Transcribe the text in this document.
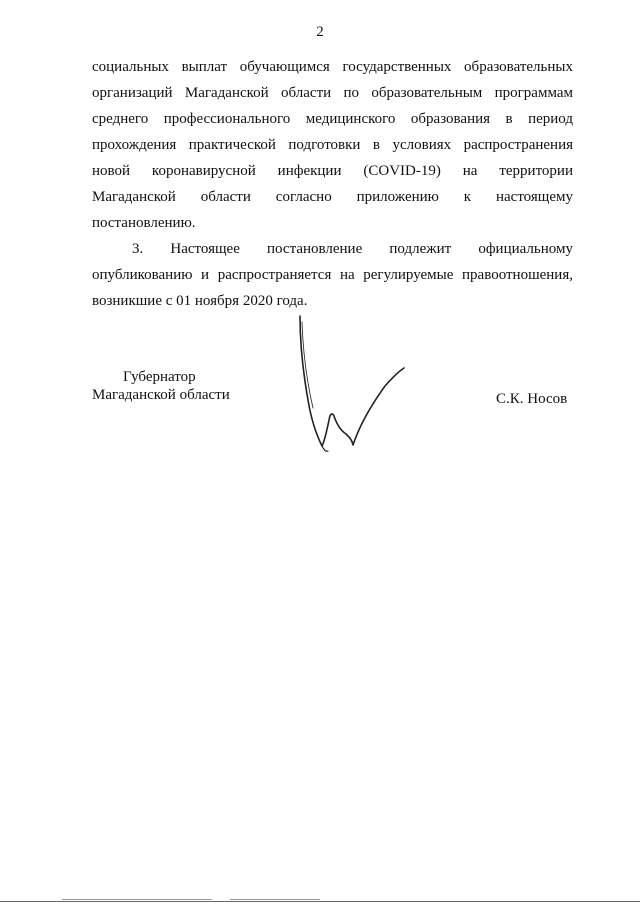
2
социальных выплат обучающимся государственных образовательных
организаций Магаданской области по образовательным программам
среднего профессионального медицинского образования в период
прохождения практической подготовки в условиях распространения
новой коронавирусной инфекции (COVID-19) на территории
Магаданской области согласно приложению к настоящему
постановлению.
3. Настоящее постановление подлежит официальному
опубликованию и распространяется на регулируемые правоотношения,
возникшие с 01 ноября 2020 года.
Губернатор
Магаданской области	С.К. Носов
